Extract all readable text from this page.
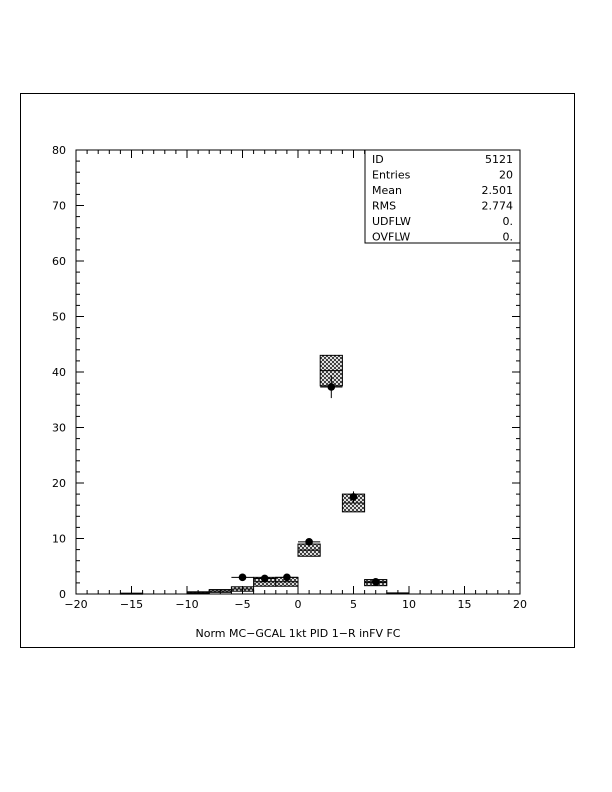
−20	−15	−10	−5	0	5	10	15	20
0
10
20
30
40
50
60
70
80
ID	5121
Entries	20
Mean	2.501
RMS	2.774
UDFLW	0.
OVFLW	0.
Norm MC−GCAL 1kt PID 1−R inFV FC
